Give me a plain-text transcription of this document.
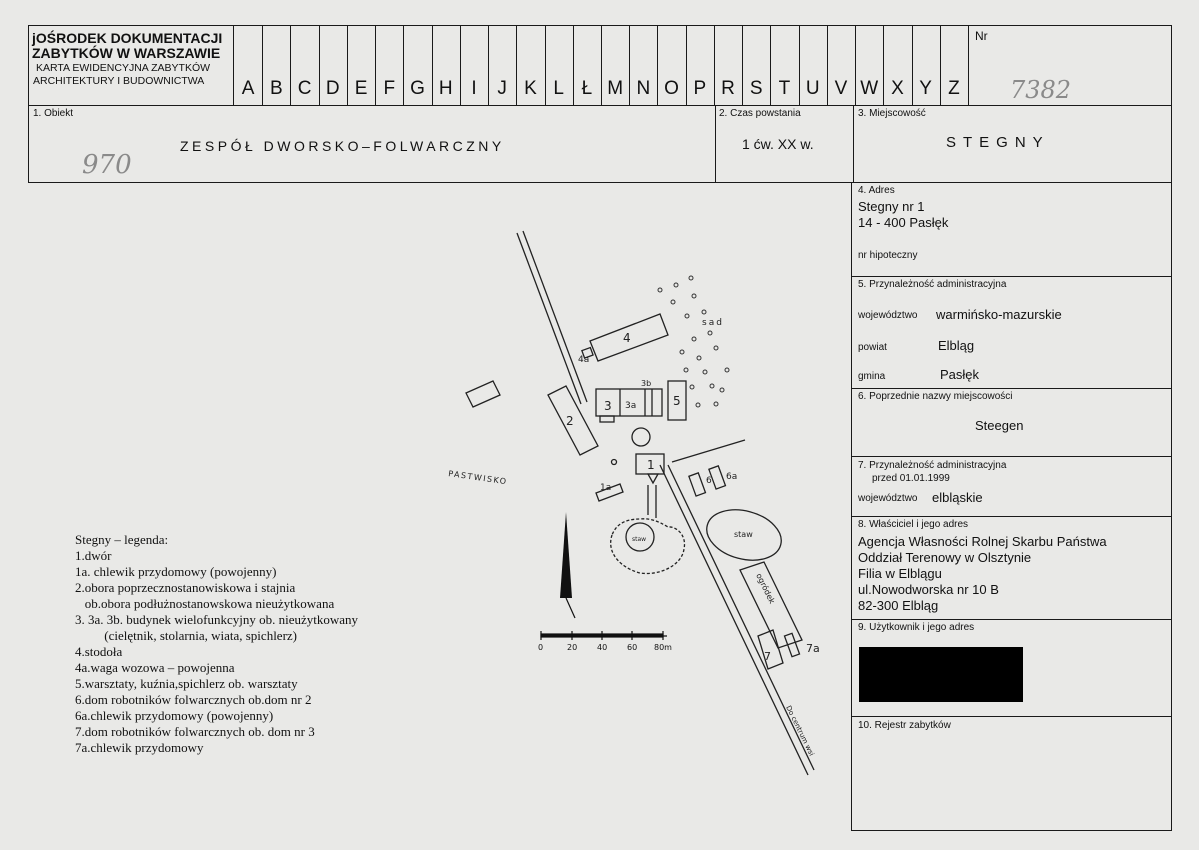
jOŚRODEK DOKUMENTACJI
ZABYTKÓW W WARSZAWIE
KARTA EWIDENCYJNA ZABYTKÓW
ARCHITEKTURY I BUDOWNICTWA	A B C D E F G H I	J K L Ł M N O P R S T U V W X Y Z
Nr
7382
1. Obiekt
ZESPÓŁ DWORSKO–FOLWARCZNY
970
2. Czas powstania
1 ćw. XX w.
3. Miejscowość
STEGNY
4. Adres
Stegny nr 1
14 - 400 Pasłęk
nr hipoteczny
5. Przynależność administracyjna
województwo warmińsko-mazurskie
powiat	Elbląg
gmina	Pasłęk
6. Poprzednie nazwy miejscowości
Steegen
7. Przynależność administracyjna
przed 01.01.1999
województwo elbląskie
8. Właściciel i jego adres
Agencja Własności Rolnej Skarbu Państwa
Oddział Terenowy w Olsztynie
Filia w Elblągu
ul.Nowodworska nr 10 B
82-300 Elbląg
9. Użytkownik i jego adres
10. Rejestr zabytków
Stegny – legenda:
1.dwór
1a. chlewik przydomowy (powojenny)
2.obora poprzecznostanowiskowa i stajnia
ob.obora podłużnostanowskowa nieużytkowana
3. 3a. 3b. budynek wielofunkcyjny ob. nieużytkowany
(cielętnik, stolarnia, wiata, spichlerz)
4.stodoła
4a.waga wozowa – powojenna
5.warsztaty, kuźnia,spichlerz ob. warsztaty
6.dom robotników folwarcznych ob.dom nr 2
6a.chlewik przydomowy (powojenny)
7.dom robotników folwarcznych ob. dom nr 3
7a.chlewik przydomowy
0	20 40 60 80m
4
4a
2
3 3a
3b
5
1
1a
6 6a
7
7a
sad
PASTWISKO
staw
staw
ogródek
Do centrum wsi
